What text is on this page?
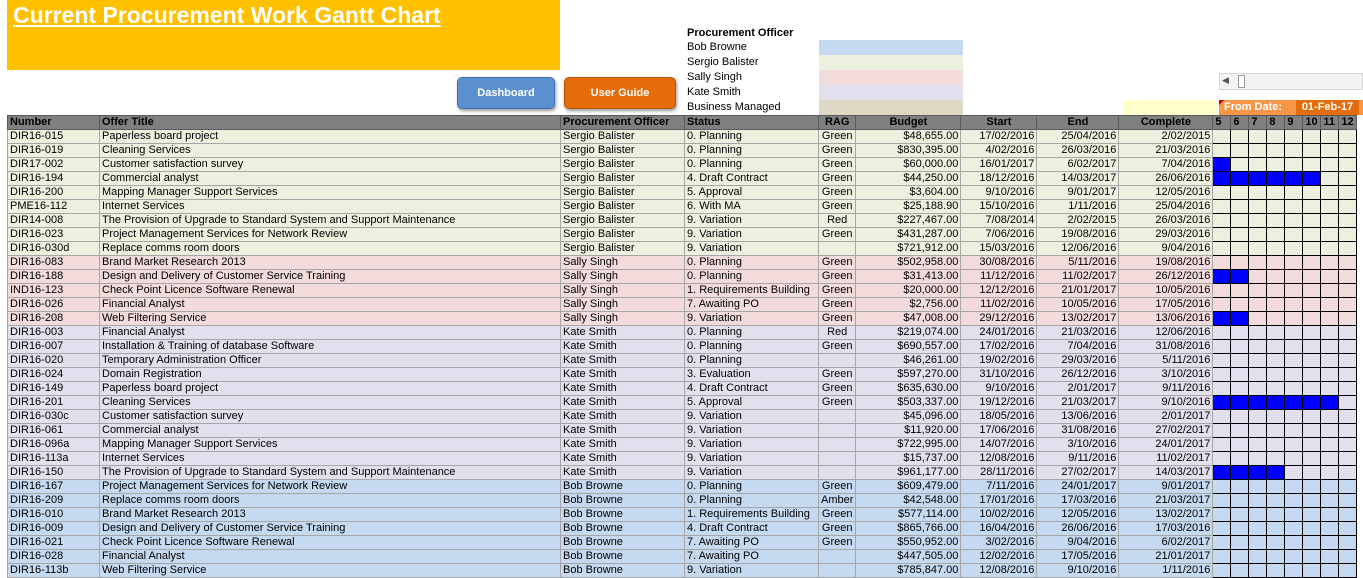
Current Procurement Work Gantt Chart
Dashboard	User Guide
Procurement Officer
Bob Browne
Sergio Balister
Sally Singh
Kate Smith
Business Managed
◀
From Date:	01-Feb-17
Number	Offer Title	Procurement Officer	Status	RAG	Budget	Start	End	Complete	5	6	7	8	9	10	11	12
DIR16-015	Paperless board project	Sergio Balister	0. Planning	Green	$48,655.00	17/02/2016	25/04/2016	2/02/2015								
DIR16-019	Cleaning Services	Sergio Balister	0. Planning	Green	$830,395.00	4/02/2016	26/03/2016	21/03/2016								
DIR17-002	Customer satisfaction survey	Sergio Balister	0. Planning	Green	$60,000.00	16/01/2017	6/02/2017	7/04/2016								
DIR16-194	Commercial analyst	Sergio Balister	4. Draft Contract	Green	$44,250.00	18/12/2016	14/03/2017	26/06/2016								
DIR16-200	Mapping Manager Support Services	Sergio Balister	5. Approval	Green	$3,604.00	9/10/2016	9/01/2017	12/05/2016								
PME16-112	Internet Services	Sergio Balister	6. With MA	Green	$25,188.90	15/10/2016	1/11/2016	25/04/2016								
DIR14-008	The Provision of Upgrade to Standard System and Support Maintenance	Sergio Balister	9. Variation	Red	$227,467.00	7/08/2014	2/02/2015	26/03/2016								
DIR16-023	Project Management Services for Network Review	Sergio Balister	9. Variation	Green	$431,287.00	7/06/2016	19/08/2016	29/03/2016								
DIR16-030d	Replace comms room doors	Sergio Balister	9. Variation		$721,912.00	15/03/2016	12/06/2016	9/04/2016								
DIR16-083	Brand Market Research 2013	Sally Singh	0. Planning	Green	$502,958.00	30/08/2016	5/11/2016	19/08/2016								
DIR16-188	Design and Delivery of Customer Service Training	Sally Singh	0. Planning	Green	$31,413.00	11/12/2016	11/02/2017	26/12/2016								
IND16-123	Check Point Licence Software Renewal	Sally Singh	1. Requirements Building	Green	$20,000.00	12/12/2016	21/01/2017	10/05/2016								
DIR16-026	Financial Analyst	Sally Singh	7. Awaiting PO	Green	$2,756.00	11/02/2016	10/05/2016	17/05/2016								
DIR16-208	Web Filtering Service	Sally Singh	9. Variation	Green	$47,008.00	29/12/2016	13/02/2017	13/06/2016								
DIR16-003	Financial Analyst	Kate Smith	0. Planning	Red	$219,074.00	24/01/2016	21/03/2016	12/06/2016								
DIR16-007	Installation & Training of database Software	Kate Smith	0. Planning	Green	$690,557.00	17/02/2016	7/04/2016	31/08/2016								
DIR16-020	Temporary Administration Officer	Kate Smith	0. Planning		$46,261.00	19/02/2016	29/03/2016	5/11/2016								
DIR16-024	Domain Registration	Kate Smith	3. Evaluation	Green	$597,270.00	31/10/2016	26/12/2016	3/10/2016								
DIR16-149	Paperless board project	Kate Smith	4. Draft Contract	Green	$635,630.00	9/10/2016	2/01/2017	9/11/2016								
DIR16-201	Cleaning Services	Kate Smith	5. Approval	Green	$503,337.00	19/12/2016	21/03/2017	9/10/2016								
DIR16-030c	Customer satisfaction survey	Kate Smith	9. Variation		$45,096.00	18/05/2016	13/06/2016	2/01/2017								
DIR16-061	Commercial analyst	Kate Smith	9. Variation		$11,920.00	17/06/2016	31/08/2016	27/02/2017								
DIR16-096a	Mapping Manager Support Services	Kate Smith	9. Variation		$722,995.00	14/07/2016	3/10/2016	24/01/2017								
DIR16-113a	Internet Services	Kate Smith	9. Variation		$15,737.00	12/08/2016	9/11/2016	11/02/2017								
DIR16-150	The Provision of Upgrade to Standard System and Support Maintenance	Kate Smith	9. Variation		$961,177.00	28/11/2016	27/02/2017	14/03/2017								
DIR16-167	Project Management Services for Network Review	Bob Browne	0. Planning	Green	$609,479.00	7/11/2016	24/01/2017	9/01/2017								
DIR16-209	Replace comms room doors	Bob Browne	0. Planning	Amber	$42,548.00	17/01/2016	17/03/2016	21/03/2017								
DIR16-010	Brand Market Research 2013	Bob Browne	1. Requirements Building	Green	$577,114.00	10/02/2016	12/05/2016	13/02/2017								
DIR16-009	Design and Delivery of Customer Service Training	Bob Browne	4. Draft Contract	Green	$865,766.00	16/04/2016	26/06/2016	17/03/2016								
DIR16-021	Check Point Licence Software Renewal	Bob Browne	7. Awaiting PO	Green	$550,952.00	3/02/2016	9/04/2016	6/02/2017								
DIR16-028	Financial Analyst	Bob Browne	7. Awaiting PO		$447,505.00	12/02/2016	17/05/2016	21/01/2017								
DIR16-113b	Web Filtering Service	Bob Browne	9. Variation		$785,847.00	12/08/2016	9/10/2016	1/11/2016								
